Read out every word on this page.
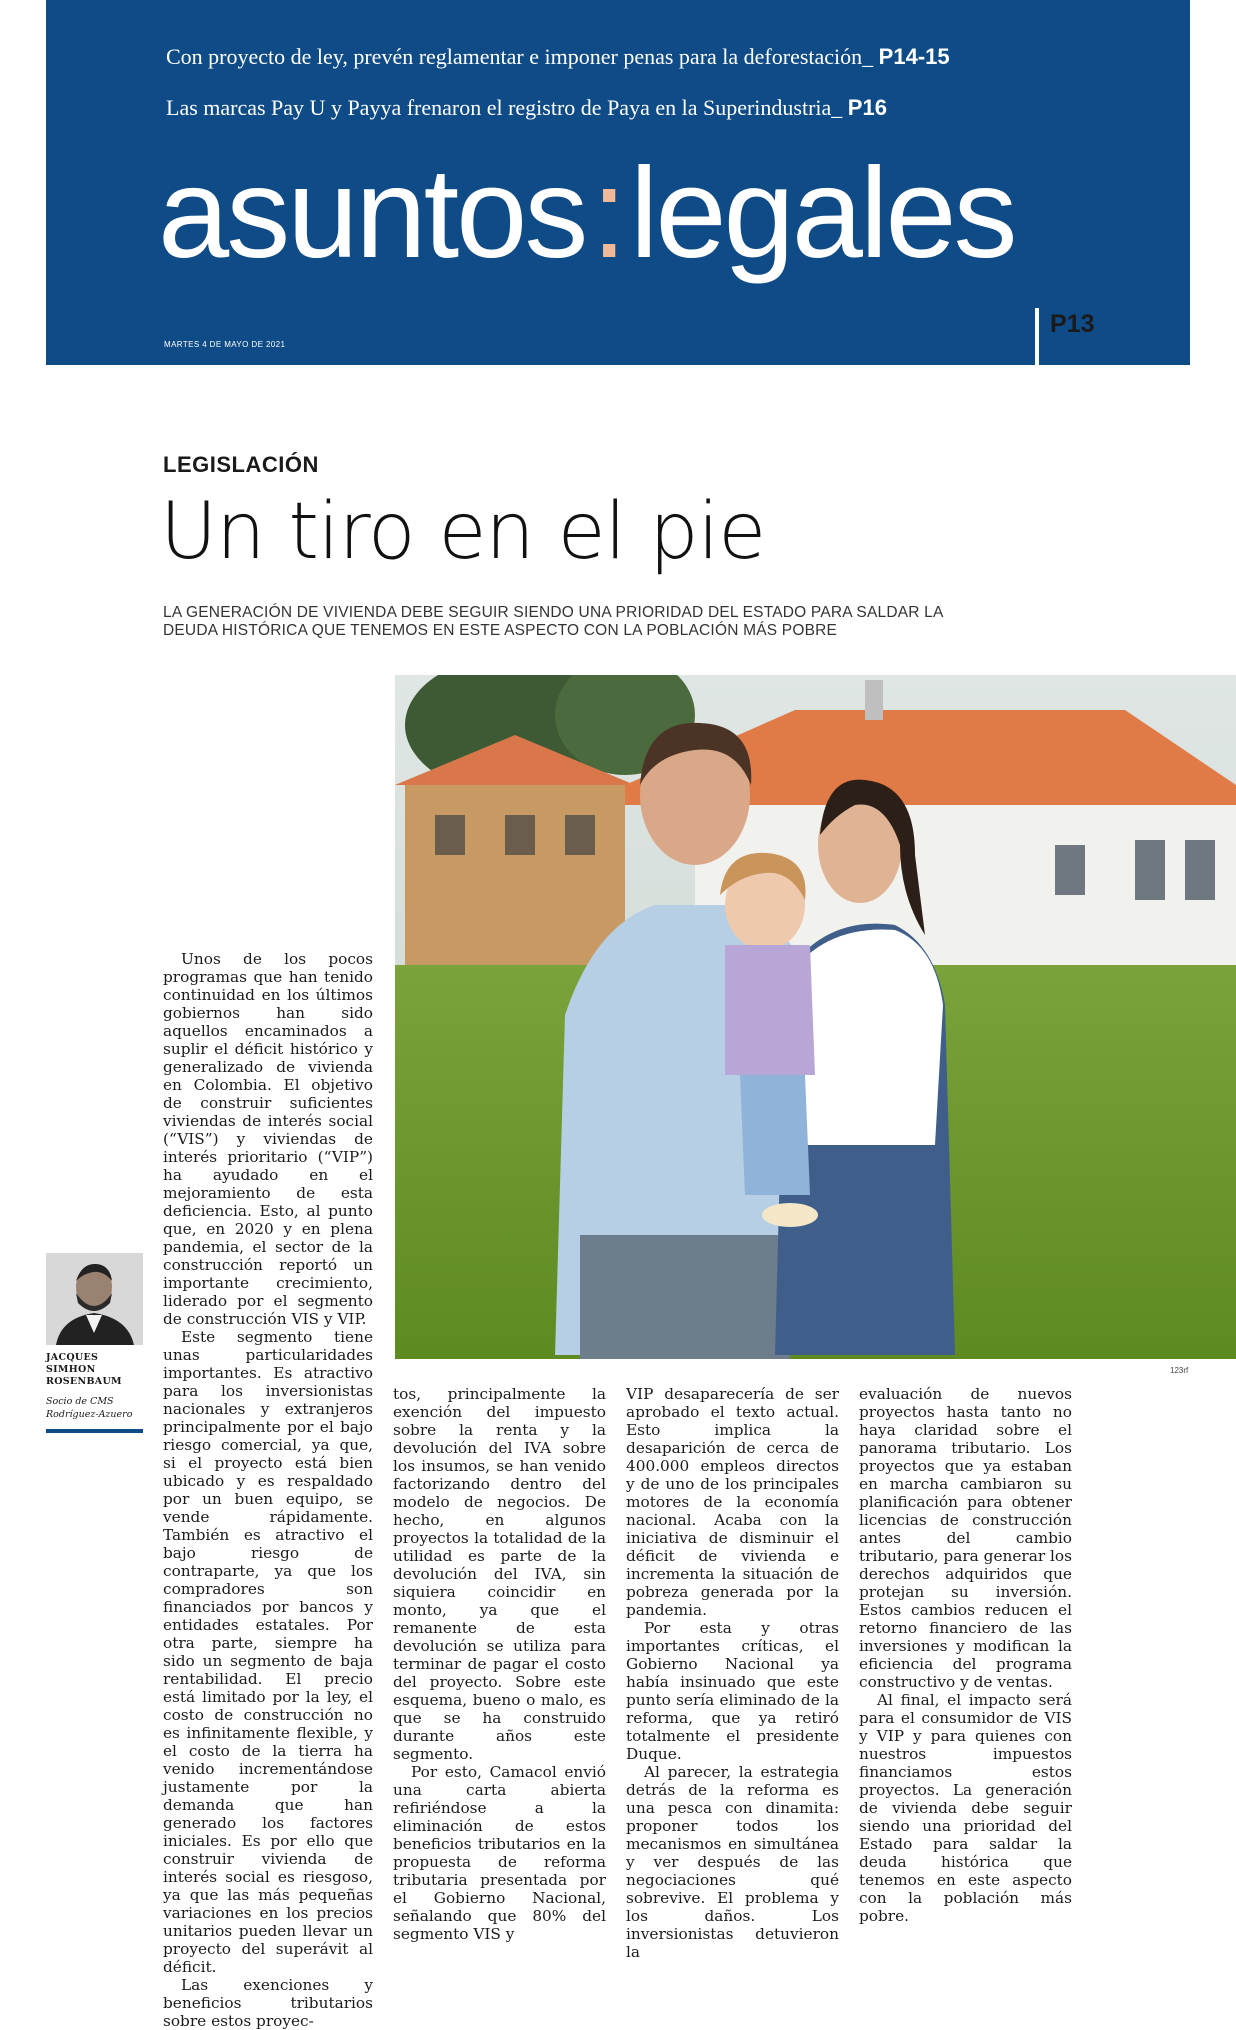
Con proyecto de ley, prevén reglamentar e imponer penas para la deforestación_ P14-15
Las marcas Pay U y Payya frenaron el registro de Paya en la Superindustria_ P16
asuntos:legales
MARTES 4 DE MAYO DE 2021
P13
LEGISLACIÓN
Un tiro en el pie
LA GENERACIÓN DE VIVIENDA DEBE SEGUIR SIENDO UNA PRIORIDAD DEL ESTADO PARA SALDAR LA DEUDA HISTÓRICA QUE TENEMOS EN ESTE ASPECTO CON LA POBLACIÓN MÁS POBRE
123rf
JACQUES
SIMHON
ROSENBAUM
Socio de CMS
Rodríguez-Azuero

Unos de los pocos programas que han tenido continuidad en los últimos gobiernos han sido aquellos encaminados a suplir el déficit histórico y generalizado de vivienda en Colombia. El objetivo de construir suficientes viviendas de interés social (“VIS”) y viviendas de interés prioritario (“VIP”) ha ayudado en el mejoramiento de esta deficiencia. Esto, al punto que, en 2020 y en plena pandemia, el sector de la construcción reportó un importante crecimiento, liderado por el segmento de construcción VIS y VIP.

Este segmento tiene unas particularidades importantes. Es atractivo para los inversionistas nacionales y extranjeros principalmente por el bajo riesgo comercial, ya que, si el proyecto está bien ubicado y es respaldado por un buen equipo, se vende rápidamente. También es atractivo el bajo riesgo de contraparte, ya que los compradores son financiados por bancos y entidades estatales. Por otra parte, siempre ha sido un segmento de baja rentabilidad. El precio está limitado por la ley, el costo de construcción no es infinitamente flexible, y el costo de la tierra ha venido incrementándose justamente por la demanda que han generado los factores iniciales. Es por ello que construir vivienda de interés social es riesgoso, ya que las más pequeñas variaciones en los precios unitarios pueden llevar un proyecto del superávit al déficit.

Las exenciones y beneficios tributarios sobre estos proyec-

tos, principalmente la exención del impuesto sobre la renta y la devolución del IVA sobre los insumos, se han venido factorizando dentro del modelo de negocios. De hecho, en algunos proyectos la totalidad de la utilidad es parte de la devolución del IVA, sin siquiera coincidir en monto, ya que el remanente de esta devolución se utiliza para terminar de pagar el costo del proyecto. Sobre este esquema, bueno o malo, es que se ha construido durante años este segmento.

Por esto, Camacol envió una carta abierta refiriéndose a la eliminación de estos beneficios tributarios en la propuesta de reforma tributaria presentada por el Gobierno Nacional, señalando que 80% del segmento VIS y

VIP desaparecería de ser aprobado el texto actual. Esto implica la desaparición de cerca de 400.000 empleos directos y de uno de los principales motores de la economía nacional. Acaba con la iniciativa de disminuir el déficit de vivienda e incrementa la situación de pobreza generada por la pandemia.

Por esta y otras importantes críticas, el Gobierno Nacional ya había insinuado que este punto sería eliminado de la reforma, que ya retiró totalmente el presidente Duque.

Al parecer, la estrategia detrás de la reforma es una pesca con dinamita: proponer todos los mecanismos en simultánea y ver después de las negociaciones qué sobrevive. El problema y los daños. Los inversionistas detuvieron la

evaluación de nuevos proyectos hasta tanto no haya claridad sobre el panorama tributario. Los proyectos que ya estaban en marcha cambiaron su planificación para obtener licencias de construcción antes del cambio tributario, para generar los derechos adquiridos que protejan su inversión. Estos cambios reducen el retorno financiero de las inversiones y modifican la eficiencia del programa constructivo y de ventas.

Al final, el impacto será para el consumidor de VIS y VIP y para quienes con nuestros impuestos financiamos estos proyectos. La generación de vivienda debe seguir siendo una prioridad del Estado para saldar la deuda histórica que tenemos en este aspecto con la población más pobre.
